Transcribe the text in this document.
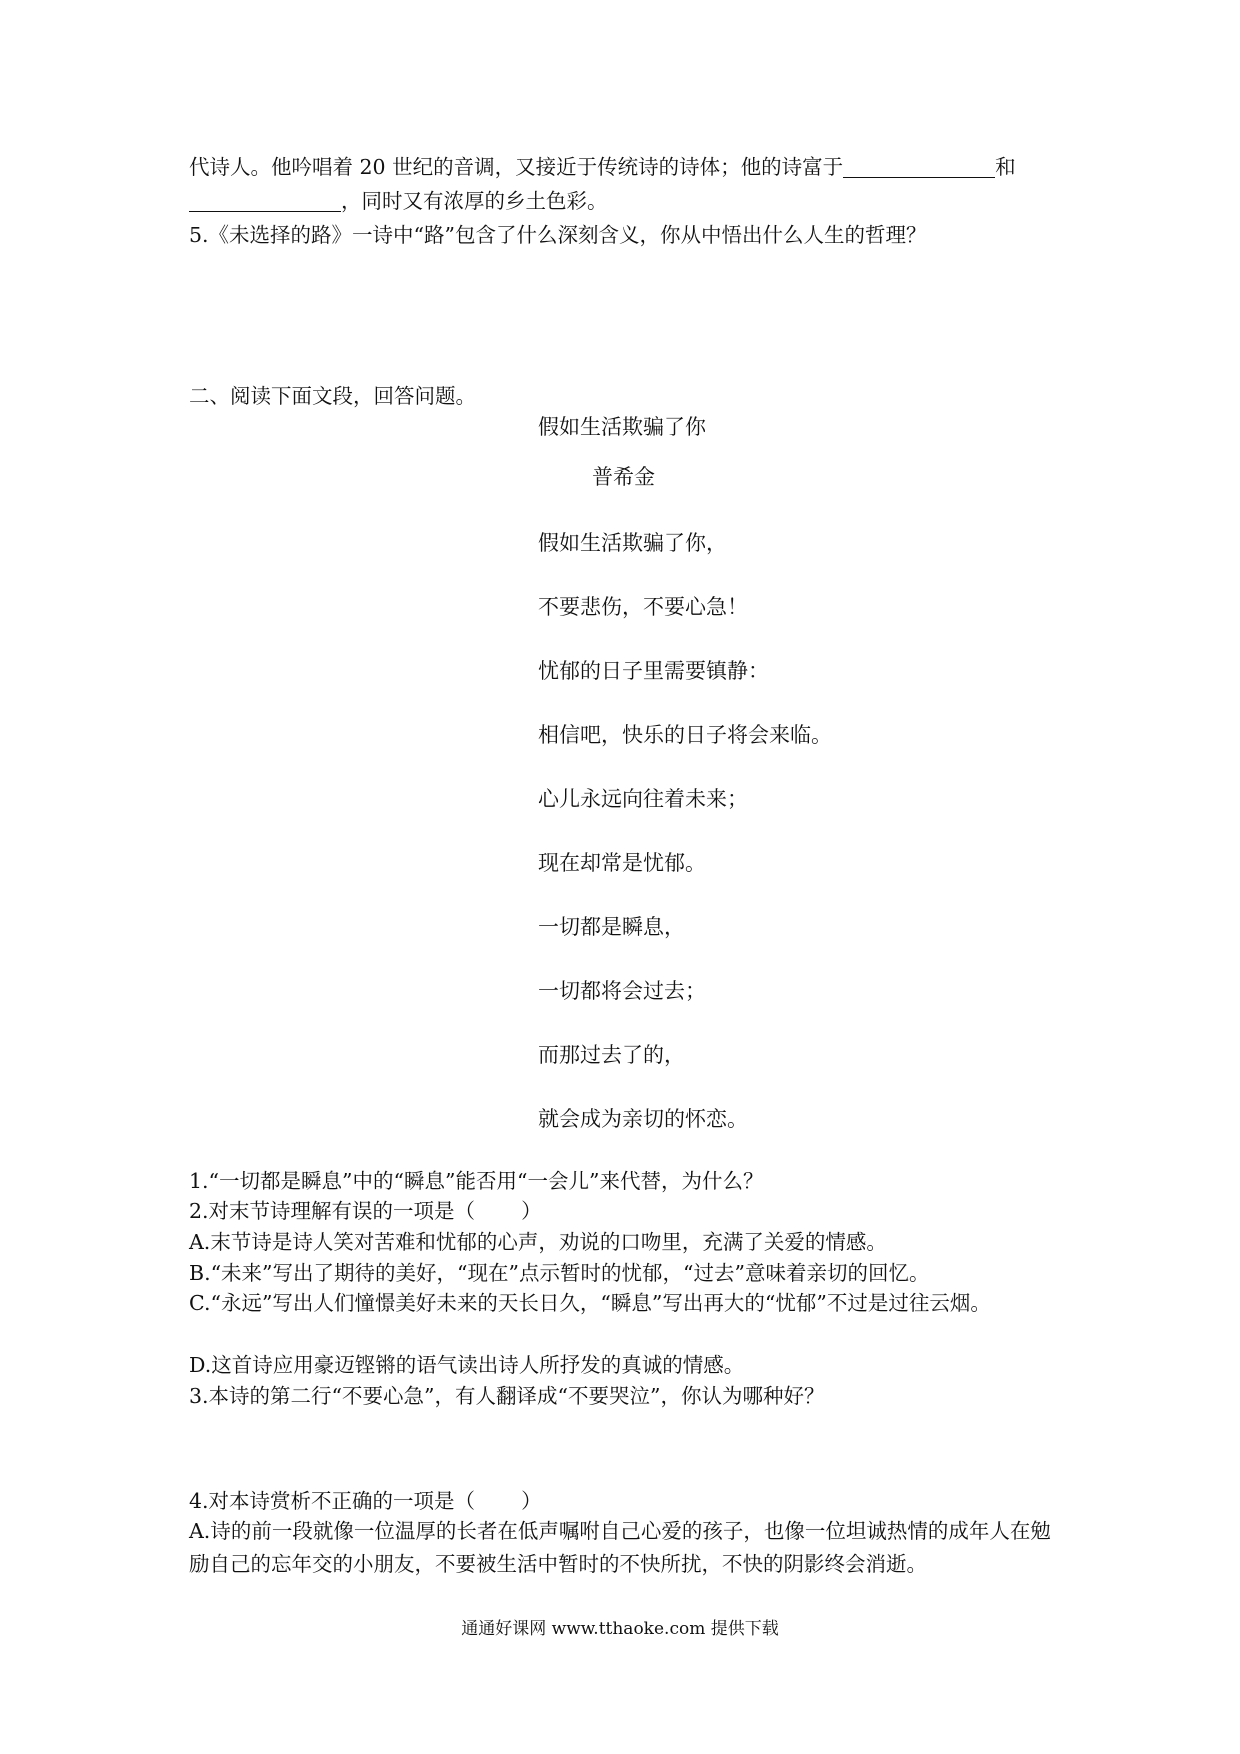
代诗人。他吟唱着 20 世纪的音调，又接近于传统诗的诗体；他的诗富于	和
，同时又有浓厚的乡土色彩。
5.《未选择的路》一诗中“路”包含了什么深刻含义，你从中悟出什么人生的哲理？
二、阅读下面文段，回答问题。
假如生活欺骗了你
普希金
假如生活欺骗了你，
不要悲伤，不要心急！
忧郁的日子里需要镇静：
相信吧，快乐的日子将会来临。
心儿永远向往着未来；
现在却常是忧郁。
一切都是瞬息，
一切都将会过去；
而那过去了的，
就会成为亲切的怀恋。
1.“一切都是瞬息”中的“瞬息”能否用“一会儿”来代替，为什么？
2.对末节诗理解有误的一项是（ ）
A.末节诗是诗人笑对苦难和忧郁的心声，劝说的口吻里，充满了关爱的情感。
B.“未来”写出了期待的美好，“现在”点示暂时的忧郁，“过去”意味着亲切的回忆。
C.“永远”写出人们憧憬美好未来的天长日久，“瞬息”写出再大的“忧郁”不过是过往云烟。
D.这首诗应用豪迈铿锵的语气读出诗人所抒发的真诚的情感。
3.本诗的第二行“不要心急”，有人翻译成“不要哭泣”，你认为哪种好？
4.对本诗赏析不正确的一项是（ ）
A.诗的前一段就像一位温厚的长者在低声嘱咐自己心爱的孩子，也像一位坦诚热情的成年人在勉励自己的忘年交的小朋友，不要被生活中暂时的不快所扰，不快的阴影终会消逝。
通通好课网 www.tthaoke.com 提供下载
